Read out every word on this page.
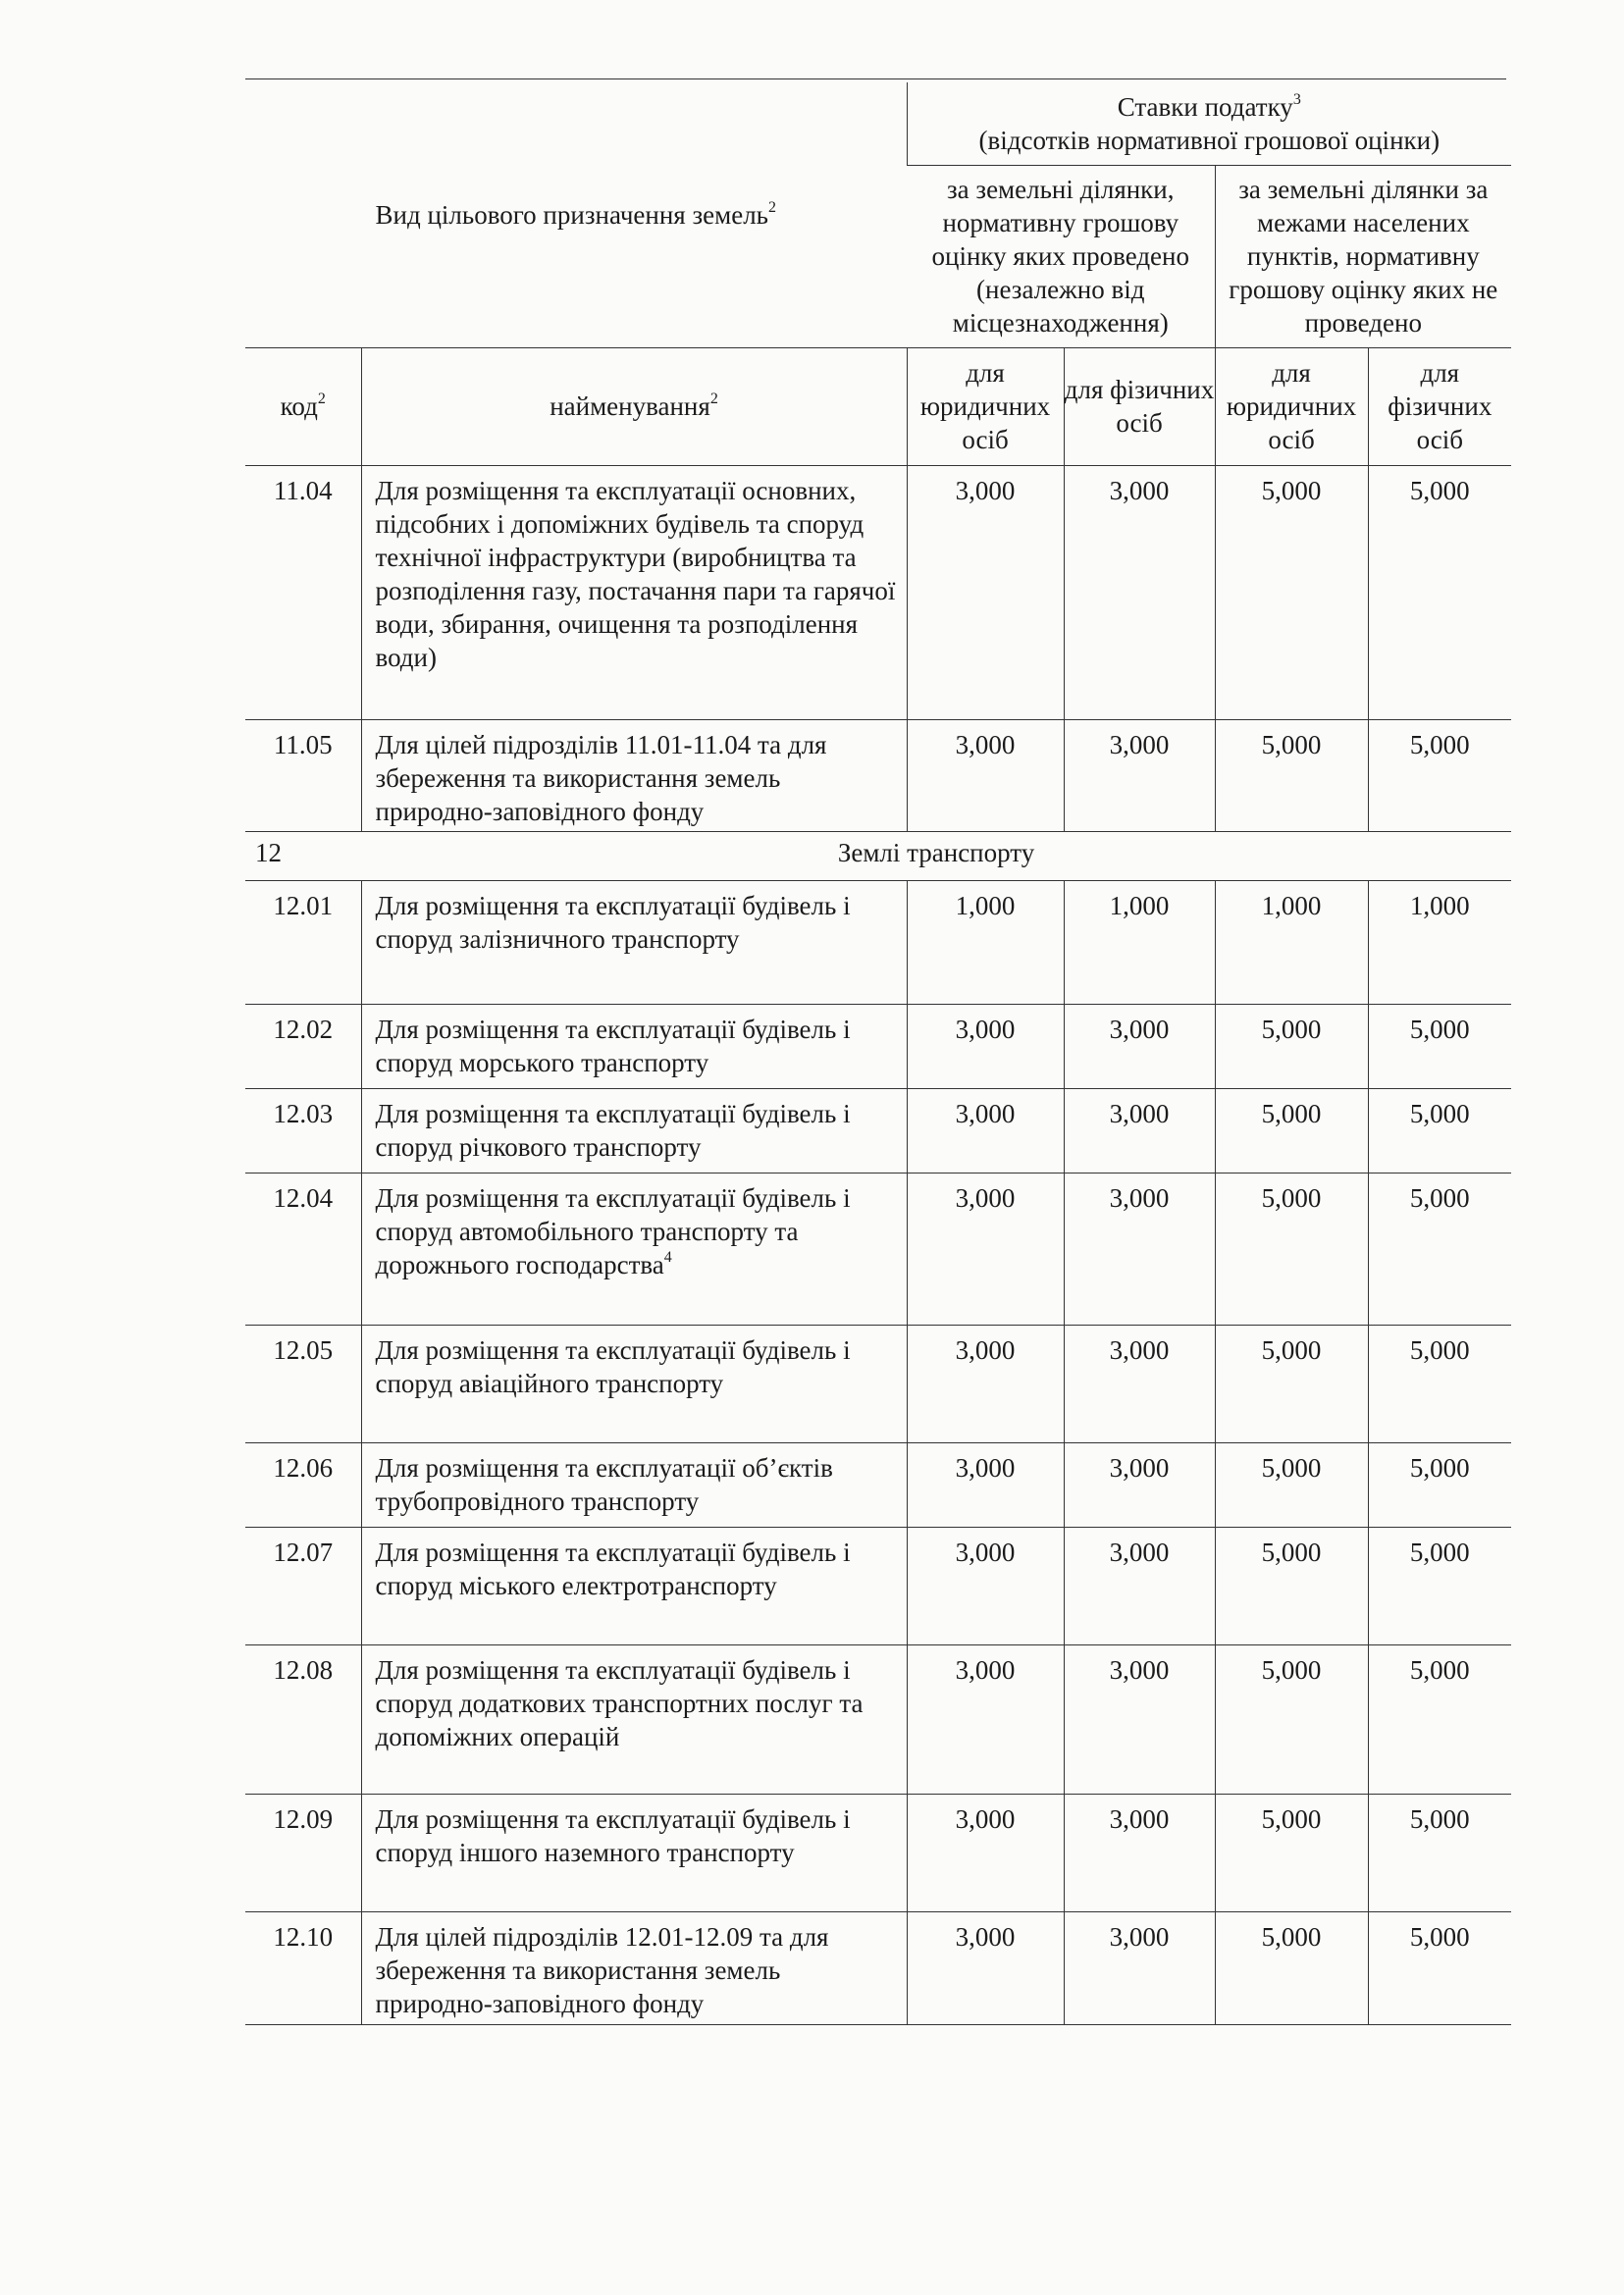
Вид цільового призначення земель$^2$		Ставки податку$^3$
(відсотків нормативної грошової оцінки)			
		за земельні ділянки, нормативну грошову оцінку яких проведено (незалежно від місцезнаходження)		за земельні ділянки за межами населених пунктів, нормативну грошову оцінку яких не проведено	
код$^2$	найменування$^2$	для юридичних осіб	для фізичних осіб	для юридичних осіб	для фізичних осіб
11.04	Для розміщення та експлуатації основних, підсобних і допоміжних будівель та споруд технічної інфраструктури (виробництва та розподілення газу, постачання пари та гарячої води, збирання, очищення та розподілення води)	3,000	3,000	5,000	5,000
11.05	Для цілей підрозділів 11.01-11.04 та для збереження та використання земель природно-заповідного фонду	3,000	3,000	5,000	5,000
12	Землі транспорту				
12.01	Для розміщення та експлуатації будівель і споруд залізничного транспорту	1,000	1,000	1,000	1,000
12.02	Для розміщення та експлуатації будівель і споруд морського транспорту	3,000	3,000	5,000	5,000
12.03	Для розміщення та експлуатації будівель і споруд річкового транспорту	3,000	3,000	5,000	5,000
12.04	Для розміщення та експлуатації будівель і споруд автомобільного транспорту та дорожнього господарства$^4$	3,000	3,000	5,000	5,000
12.05	Для розміщення та експлуатації будівель і споруд авіаційного транспорту	3,000	3,000	5,000	5,000
12.06	Для розміщення та експлуатації об’єктів трубопровідного транспорту	3,000	3,000	5,000	5,000
12.07	Для розміщення та експлуатації будівель і споруд міського електротранспорту	3,000	3,000	5,000	5,000
12.08	Для розміщення та експлуатації будівель і споруд додаткових транспортних послуг та допоміжних операцій	3,000	3,000	5,000	5,000
12.09	Для розміщення та експлуатації будівель і споруд іншого наземного транспорту	3,000	3,000	5,000	5,000
12.10	Для цілей підрозділів 12.01-12.09 та для збереження та використання земель природно-заповідного фонду	3,000	3,000	5,000	5,000
